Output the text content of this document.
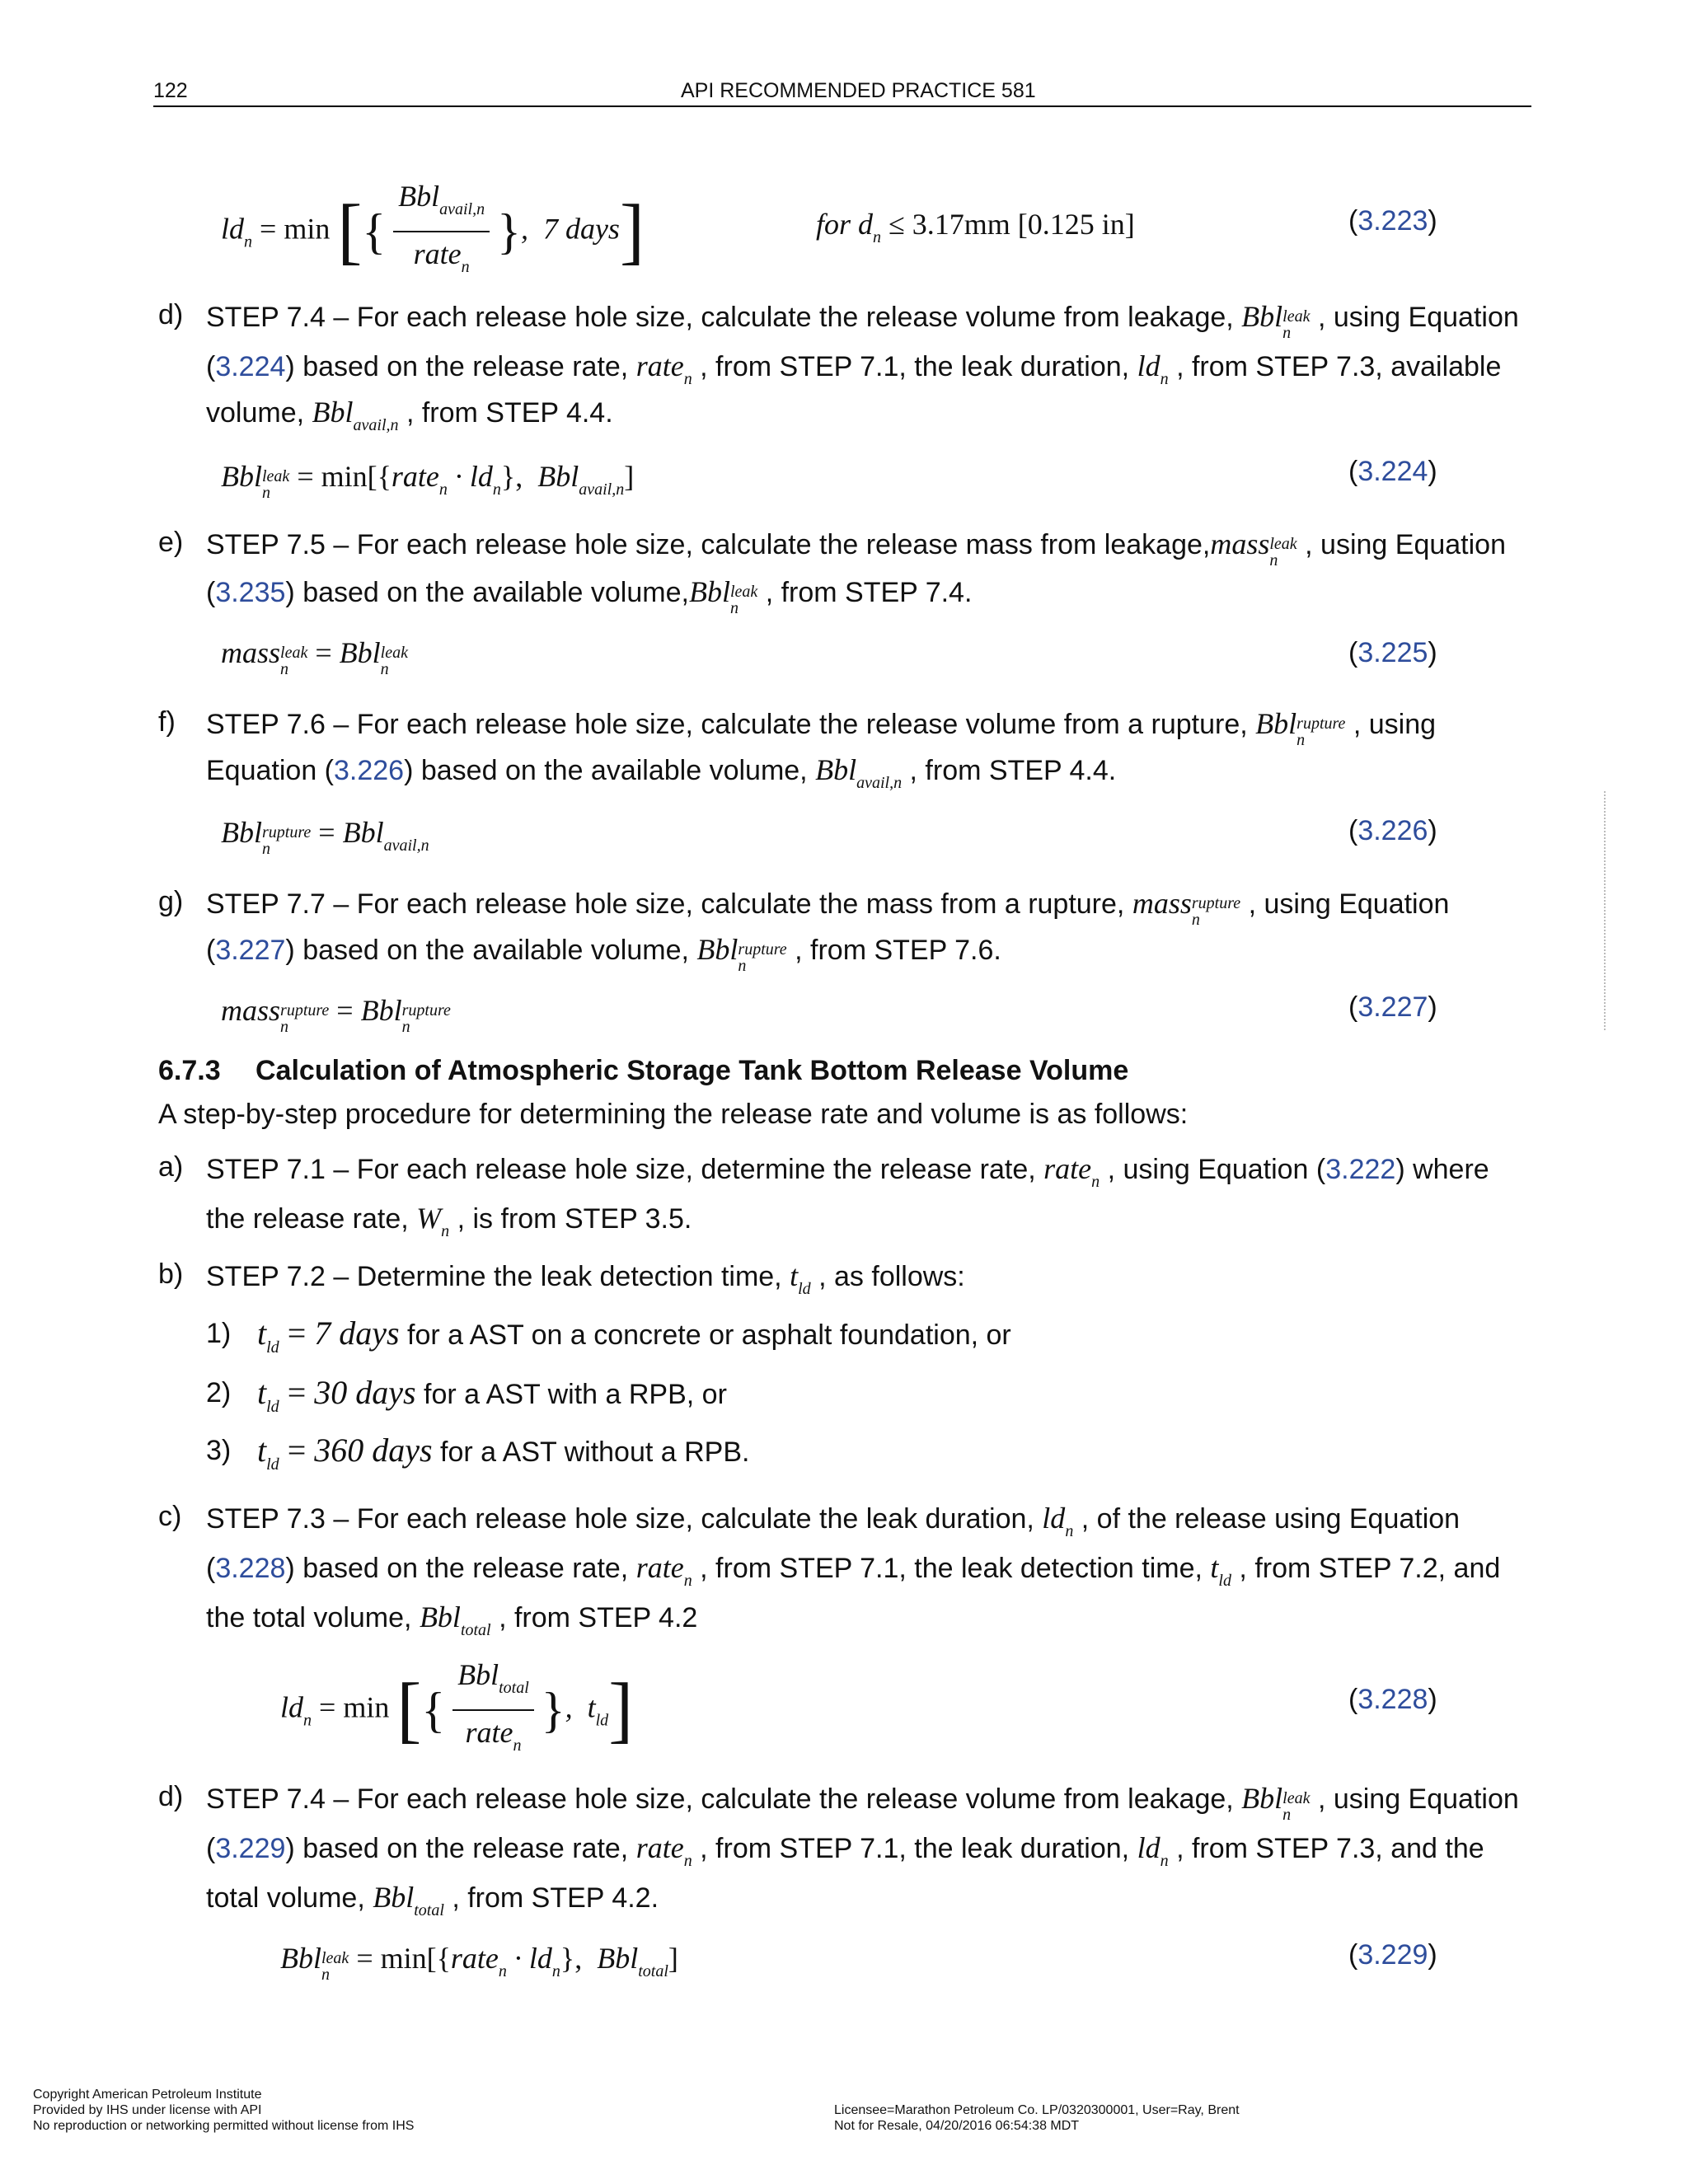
122	API RECOMMENDED PRACTICE 581
$ld_n = \min$ [{ $\frac{Bbl_{avail,n}}{rate_n}$ },  7 days]	for $d_n \le 3.17mm$ [0.125 in]	(3.223)
d) STEP 7.4 – For each release hole size, calculate the release volume from leakage, Bbl leak
n , using Equation
(3.224) based on the release rate, rate$_n$ , from STEP 7.1, the leak duration, $ld_n$ , from STEP 7.3, available
volume, Bbl$_{avail,n}$ , from STEP 4.4.
Bbl leak
n = min[{rate$_n$ · $ld_n$},  Bbl$_{avail,n}$]	(3.224)
e) STEP 7.5 – For each release hole size, calculate the release mass from leakage,mass leak
n , using Equation
(3.235) based on the available volume,Bbl leak
n , from STEP 7.4.
mass leak
n = Bbl leak
n
(3.225)
f) STEP 7.6 – For each release hole size, calculate the release volume from a rupture, Bbl rupture
n	, using
Equation (3.226) based on the available volume, Bbl$_{avail,n}$ , from STEP 4.4.
Bbl rupture
n	= Bbl$_{avail,n}$	(3.226)
g) STEP 7.7 – For each release hole size, calculate the mass from a rupture, mass rupture
n	, using Equation
(3.227) based on the available volume, Bbl rupture
n	, from STEP 7.6.
mass rupture
n	= Bbl rupture
n
(3.227)
6.7.3 Calculation of Atmospheric Storage Tank Bottom Release Volume
A step-by-step procedure for determining the release rate and volume is as follows:
a) STEP 7.1 – For each release hole size, determine the release rate, rate$_n$ , using Equation (3.222) where
the release rate, $W_n$ , is from STEP 3.5.
b) STEP 7.2 – Determine the leak detection time, $t_{ld}$ , as follows:
1) $t_{ld} = 7$ days for a AST on a concrete or asphalt foundation, or
2) $t_{ld} = 30$ days for a AST with a RPB, or
3) $t_{ld} = 360$ days for a AST without a RPB.
c) STEP 7.3 – For each release hole size, calculate the leak duration, $ld_n$ , of the release using Equation
(3.228) based on the release rate, rate$_n$ , from STEP 7.1, the leak detection time, $t_{ld}$ , from STEP 7.2, and
the total volume, Bbl$_{total}$ , from STEP 4.2
$ld_n = \min$ [{ $\frac{Bbl_{total}}{rate_n}$ },  $t_{ld}$]	(3.228)
d) STEP 7.4 – For each release hole size, calculate the release volume from leakage, Bbl leak
n , using Equation
(3.229) based on the release rate, rate$_n$ , from STEP 7.1, the leak duration, $ld_n$ , from STEP 7.3, and the
total volume, Bbl$_{total}$ , from STEP 4.2.
Bbl leak
n = min[{rate$_n$ · $ld_n$},  Bbl$_{total}$]	(3.229)
Copyright American Petroleum Institute
Provided by IHS under license with API
No reproduction or networking permitted without license from IHS
Licensee=Marathon Petroleum Co. LP/0320300001, User=Ray, Brent
Not for Resale, 04/20/2016 06:54:38 MDT
